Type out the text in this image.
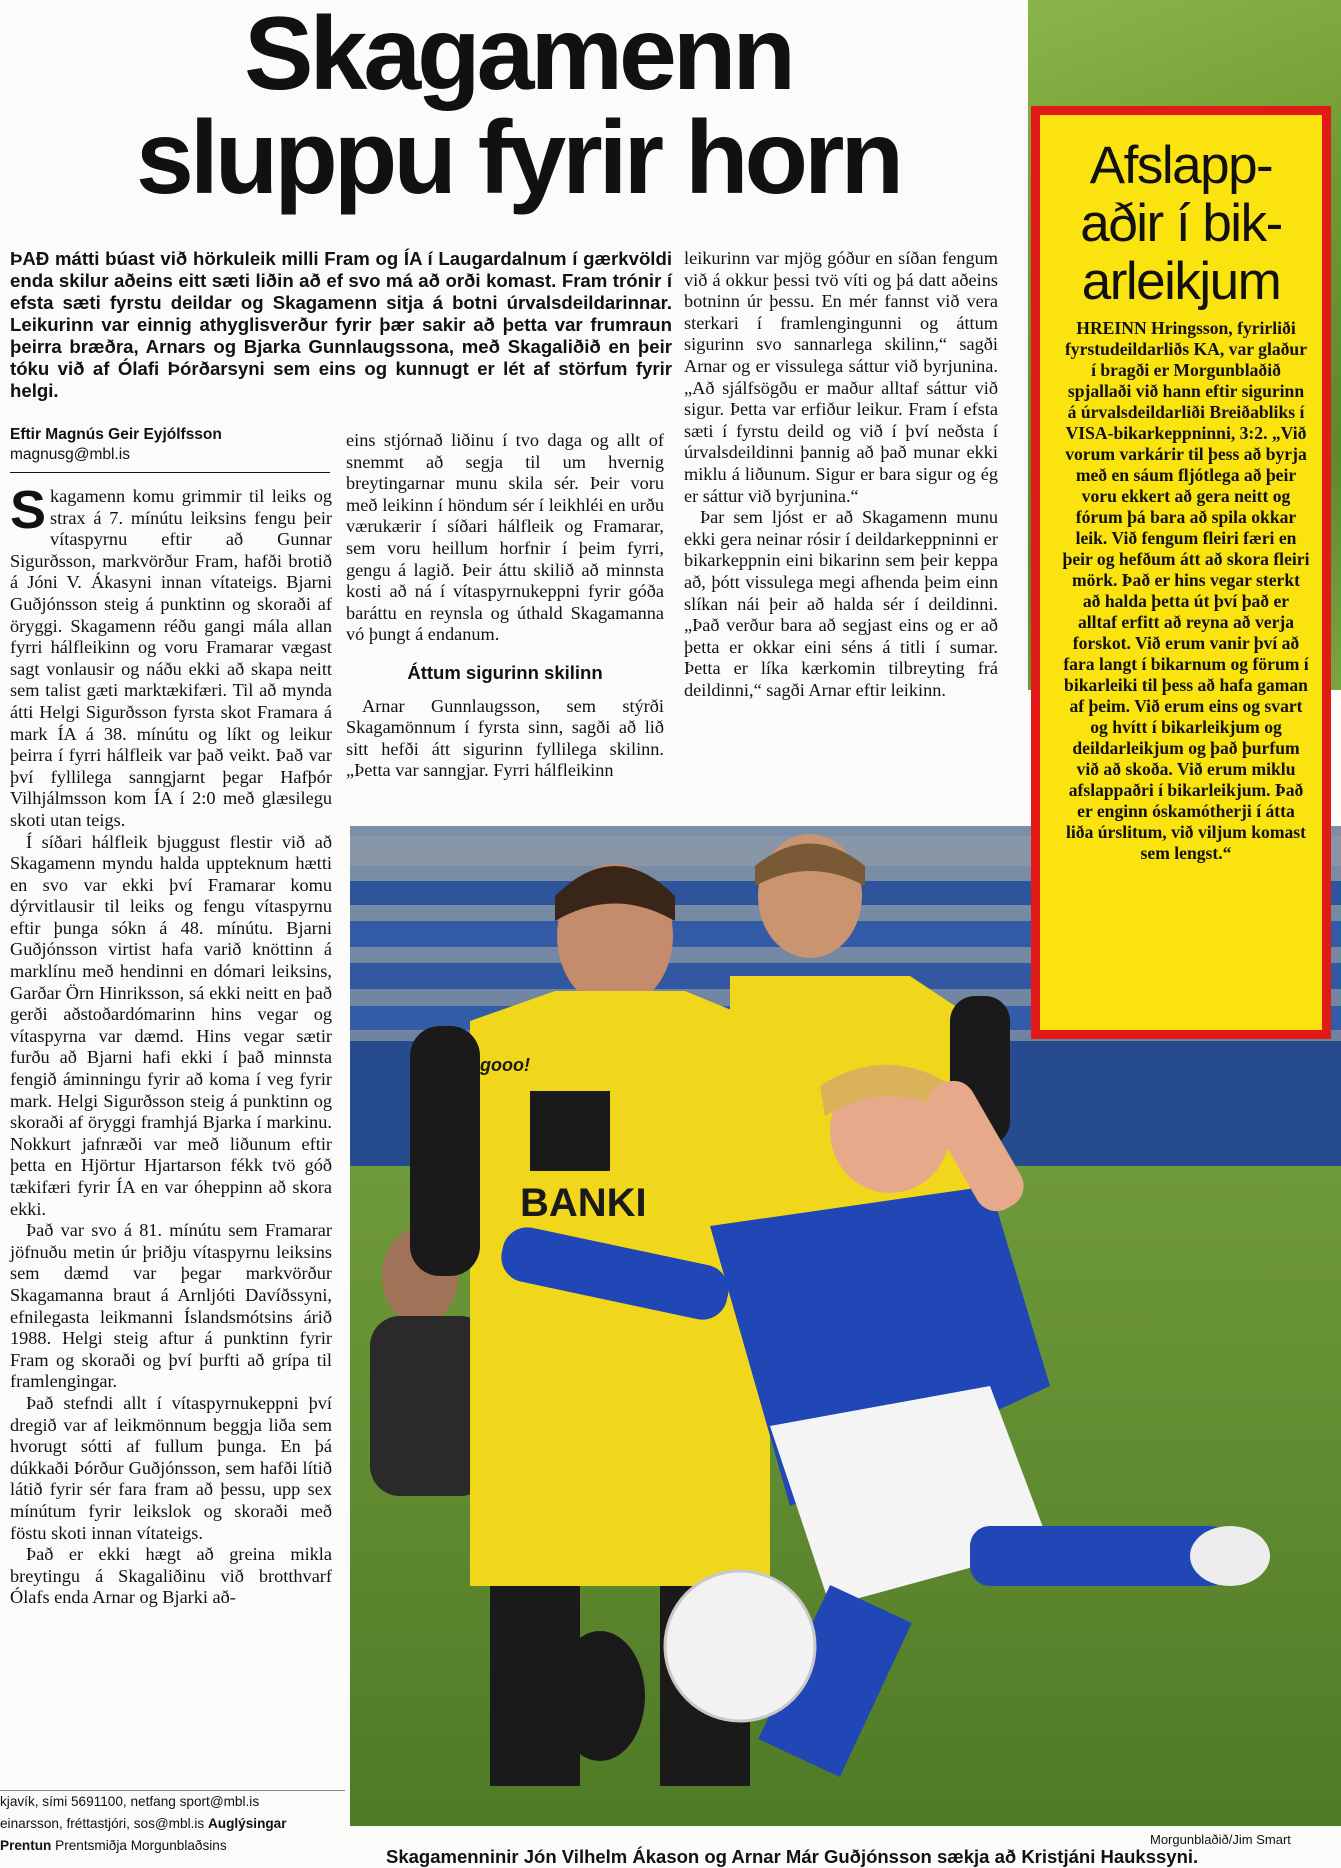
Skagamenn
sluppu fyrir horn
ÞAÐ mátti búast við hörkuleik milli Fram og ÍA í Laugardalnum í gærkvöldi enda skilur aðeins eitt sæti liðin að ef svo má að orði komast. Fram trónir í efsta sæti fyrstu deildar og Skagamenn sitja á botni úrvalsdeildarinnar. Leikurinn var einnig athyglisverður fyrir þær sakir að þetta var frumraun þeirra bræðra, Arnars og Bjarka Gunnlaugssona, með Skagaliðið en þeir tóku við af Ólafi Þórðarsyni sem eins og kunnugt er lét af störfum fyrir helgi.
Eftir Magnús Geir Eyjólfsson
magnusg@mbl.is

Skagamenn komu grimmir til leiks og strax á 7. mínútu leiksins fengu þeir vítaspyrnu eftir að Gunnar Sigurðsson, markvörður Fram, hafði brotið á Jóni V. Ákasyni innan vítateigs. Bjarni Guðjónsson steig á punktinn og skoraði af öryggi. Skagamenn réðu gangi mála allan fyrri hálfleikinn og voru Framarar vægast sagt vonlausir og náðu ekki að skapa neitt sem talist gæti marktækifæri. Til að mynda átti Helgi Sigurðsson fyrsta skot Framara á mark ÍA á 38. mínútu og líkt og leikur þeirra í fyrri hálfleik var það veikt. Það var því fyllilega sanngjarnt þegar Hafþór Vilhjálmsson kom ÍA í 2:0 með glæsilegu skoti utan teigs.

Í síðari hálfleik bjuggust flestir við að Skagamenn myndu halda uppteknum hætti en svo var ekki því Framarar komu dýrvitlausir til leiks og fengu vítaspyrnu eftir þunga sókn á 48. mínútu. Bjarni Guðjónsson virtist hafa varið knöttinn á marklínu með hendinni en dómari leiksins, Garðar Örn Hinriksson, sá ekki neitt en það gerði aðstoðardómarinn hins vegar og vítaspyrna var dæmd. Hins vegar sætir furðu að Bjarni hafi ekki í það minnsta fengið áminningu fyrir að koma í veg fyrir mark. Helgi Sigurðsson steig á punktinn og skoraði af öryggi framhjá Bjarka í markinu. Nokkurt jafnræði var með liðunum eftir þetta en Hjörtur Hjartarson fékk tvö góð tækifæri fyrir ÍA en var óheppinn að skora ekki.

Það var svo á 81. mínútu sem Framarar jöfnuðu metin úr þriðju vítaspyrnu leiksins sem dæmd var þegar markvörður Skagamanna braut á Arnljóti Davíðssyni, efnilegasta leikmanni Íslandsmótsins árið 1988. Helgi steig aftur á punktinn fyrir Fram og skoraði og því þurfti að grípa til framlengingar.

Það stefndi allt í vítaspyrnukeppni því dregið var af leikmönnum beggja liða sem hvorugt sótti af fullum þunga. En þá dúkkaði Þórður Guðjónsson, sem hafði lítið látið fyrir sér fara fram að þessu, upp sex mínútum fyrir leikslok og skoraði með föstu skoti innan vítateigs.

Það er ekki hægt að greina mikla breytingu á Skagaliðinu við brotthvarf Ólafs enda Arnar og Bjarki að-

eins stjórnað liðinu í tvo daga og allt of snemmt að segja til um hvernig breytingarnar munu skila sér. Þeir voru með leikinn í höndum sér í leikhléi en urðu værukærir í síðari hálfleik og Framarar, sem voru heillum horfnir í þeim fyrri, gengu á lagið. Þeir áttu skilið að minnsta kosti að ná í vítaspyrnukeppni fyrir góða baráttu en reynsla og úthald Skagamanna vó þungt á endanum.

Áttum sigurinn skilinn

Arnar Gunnlaugsson, sem stýrði Skagamönnum í fyrsta sinn, sagði að lið sitt hefði átt sigurinn fyllilega skilinn. „Þetta var sanngjar. Fyrri hálfleikinn

leikurinn var mjög góður en síðan fengum við á okkur þessi tvö víti og þá datt aðeins botninn úr þessu. En mér fannst við vera sterkari í framlengingunni og áttum sigurinn svo sannarlega skilinn,“ sagði Arnar og er vissulega sáttur við byrjunina. „Að sjálfsögðu er maður alltaf sáttur við sigur. Þetta var erfiður leikur. Fram í efsta sæti í fyrstu deild og við í því neðsta í úrvalsdeildinni þannig að það munar ekki miklu á liðunum. Sigur er bara sigur og ég er sáttur við byrjunina.“

Þar sem ljóst er að Skagamenn munu ekki gera neinar rósir í deildarkeppninni er bikarkeppnin eini bikarinn sem þeir keppa að, þótt vissulega megi afhenda þeim einn slíkan nái þeir að halda sér í deildinni. „Það verður bara að segjast eins og er að þetta er okkar eini séns á titli í sumar. Þetta er líka kærkomin tilbreyting frá deildinni,“ sagði Arnar eftir leikinn.

BANKI
gooo!
Morgunblaðið/Jim Smart
Skagamenninir Jón Vilhelm Ákason og Arnar Már Guðjónsson sækja að Kristjáni Haukssyni.
kjavík, sími 5691100, netfang sport@mbl.is
einarsson, fréttastjóri, sos@mbl.is Auglýsingar
Prentun Prentsmiðja Morgunblaðsins
Afslapp-
aðir í bik-
arleikjum
HREINN Hringsson, fyrirliði fyrstudeildarliðs KA, var glaður í bragði er Morgunblaðið spjallaði við hann eftir sigurinn á úrvalsdeildarliði Breiðabliks í VISA-bikarkeppninni, 3:2. „Við vorum varkárir til þess að byrja með en sáum fljótlega að þeir voru ekkert að gera neitt og fórum þá bara að spila okkar leik. Við fengum fleiri færi en þeir og hefðum átt að skora fleiri mörk. Það er hins vegar sterkt að halda þetta út því það er alltaf erfitt að reyna að verja forskot. Við erum vanir því að fara langt í bikarnum og förum í bikarleiki til þess að hafa gaman af þeim. Við erum eins og svart og hvítt í bikarleikjum og deildarleikjum og það þurfum við að skoða. Við erum miklu afslappaðri í bikarleikjum. Það er enginn óskamótherji í átta liða úrslitum, við viljum komast sem lengst.“
